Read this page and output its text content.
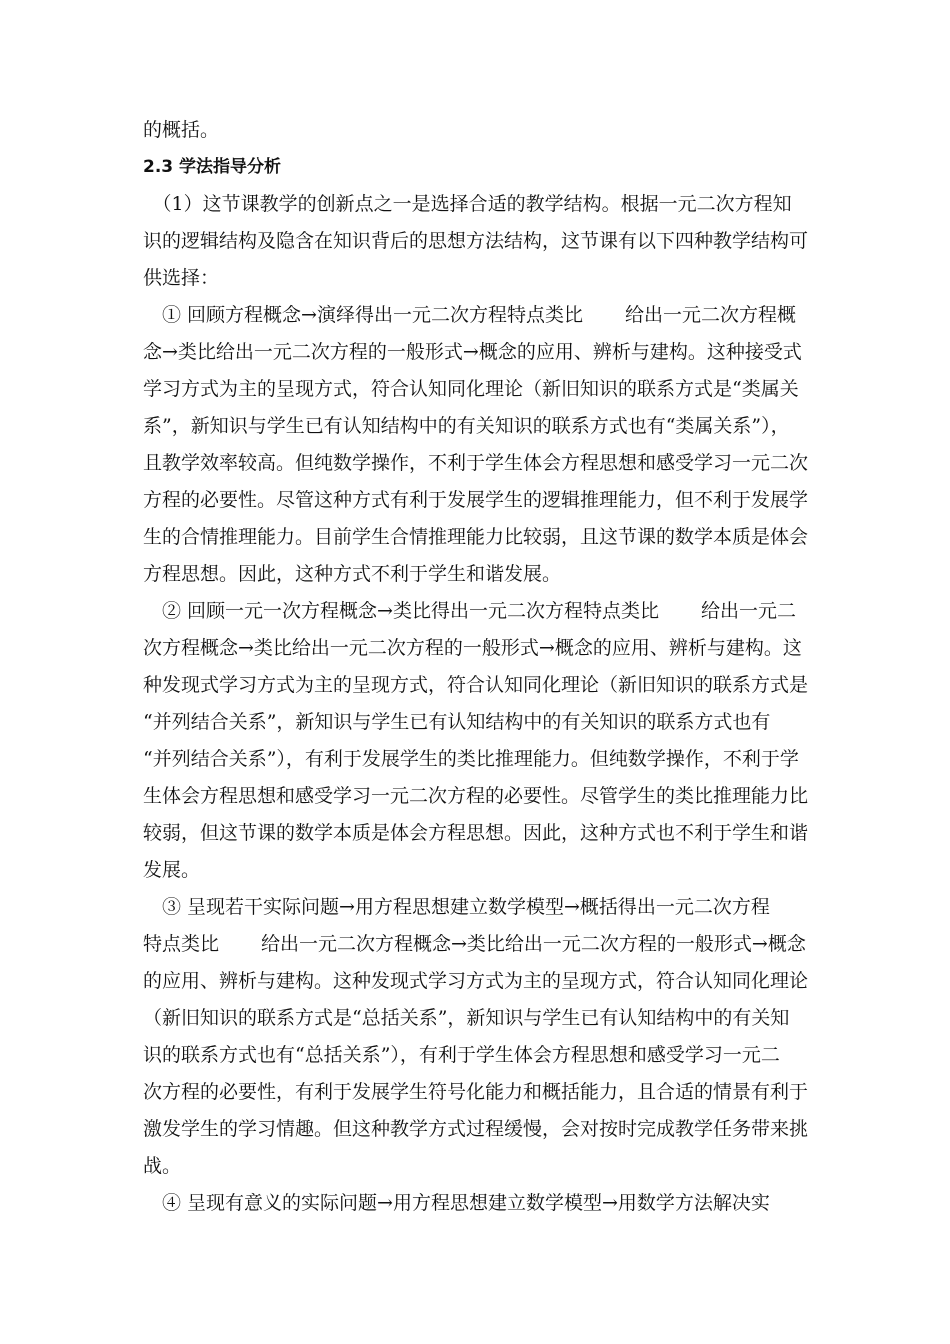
的概括。
2.3 学法指导分析
　（1）这节课教学的创新点之一是选择合适的教学结构。根据一元二次方程知
识的逻辑结构及隐含在知识背后的思想方法结构，这节课有以下四种教学结构可
供选择：
　① 回顾方程概念→演绎得出一元二次方程特点类比 给出一元二次方程概
念→类比给出一元二次方程的一般形式→概念的应用、辨析与建构。这种接受式
学习方式为主的呈现方式，符合认知同化理论（新旧知识的联系方式是“类属关
系”，新知识与学生已有认知结构中的有关知识的联系方式也有“类属关系”），
且教学效率较高。但纯数学操作，不利于学生体会方程思想和感受学习一元二次
方程的必要性。尽管这种方式有利于发展学生的逻辑推理能力，但不利于发展学
生的合情推理能力。目前学生合情推理能力比较弱，且这节课的数学本质是体会
方程思想。因此，这种方式不利于学生和谐发展。
　② 回顾一元一次方程概念→类比得出一元二次方程特点类比 给出一元二
次方程概念→类比给出一元二次方程的一般形式→概念的应用、辨析与建构。这
种发现式学习方式为主的呈现方式，符合认知同化理论（新旧知识的联系方式是
“并列结合关系”，新知识与学生已有认知结构中的有关知识的联系方式也有
“并列结合关系”），有利于发展学生的类比推理能力。但纯数学操作，不利于学
生体会方程思想和感受学习一元二次方程的必要性。尽管学生的类比推理能力比
较弱，但这节课的数学本质是体会方程思想。因此，这种方式也不利于学生和谐
发展。
　③ 呈现若干实际问题→用方程思想建立数学模型→概括得出一元二次方程
特点类比 给出一元二次方程概念→类比给出一元二次方程的一般形式→概念
的应用、辨析与建构。这种发现式学习方式为主的呈现方式，符合认知同化理论
（新旧知识的联系方式是“总括关系”，新知识与学生已有认知结构中的有关知
识的联系方式也有“总括关系”），有利于学生体会方程思想和感受学习一元二
次方程的必要性，有利于发展学生符号化能力和概括能力，且合适的情景有利于
激发学生的学习情趣。但这种教学方式过程缓慢，会对按时完成教学任务带来挑
战。
　④ 呈现有意义的实际问题→用方程思想建立数学模型→用数学方法解决实
